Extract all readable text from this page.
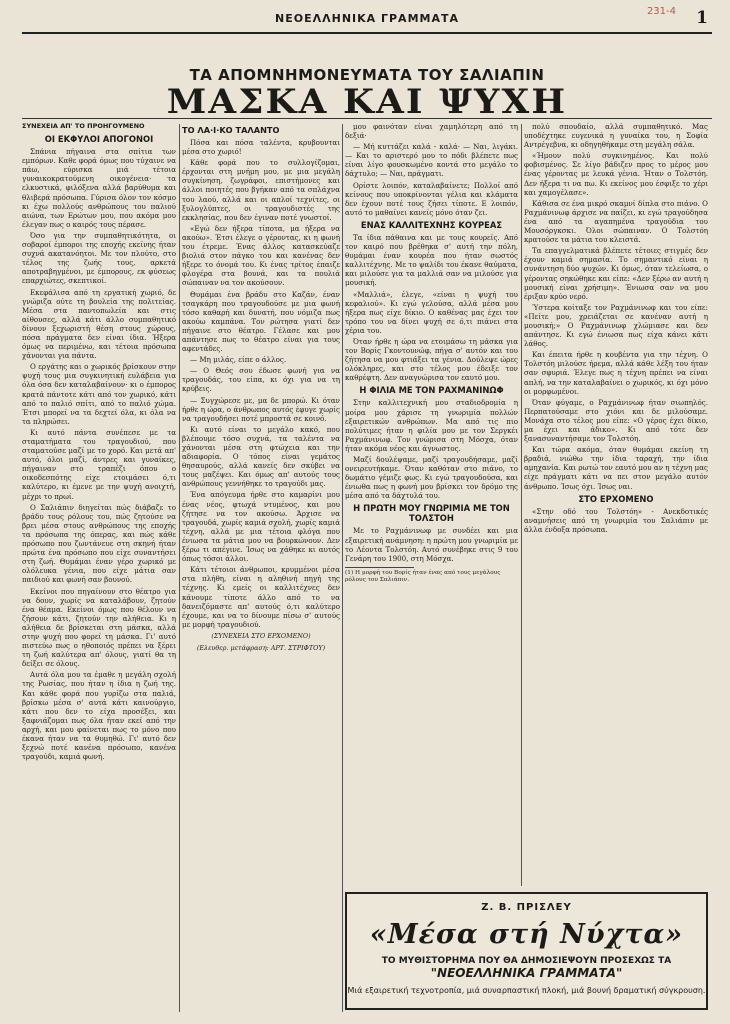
ΝΕΟΕΛΛΗΝΙΚΑ ΓΡΑΜΜΑΤΑ
231-4 1
ΤΑ ΑΠΟΜΝΗΜΟΝΕΥΜΑΤΑ ΤΟΥ ΣΑΛΙΑΠΙΝ
ΜΑΣΚΑ ΚΑΙ ΨΥΧΗ
ΣΥΝΕΧΕΙΑ ΑΠ' ΤΟ ΠΡΟΗΓΟΥΜΕΝΟ
ΟΙ ΕΚΦΥΛΟΙ ΑΠΟΓΟΝΟΙ

Σπάνια πήγαινα στα σπίτια των εμπόρων. Καθε φορά όμως που τύχαινε να πάω, εύρισκα μιά τέτοια γυναικοκρατούμενη οικογένεια· τα ελκυστικά, φιλόξενα αλλά βαρύθυμα και θλιβερά πρόσωπα. Γύρισα όλον τον κόσμο κι έχω πολλούς ανθρώπους του παλιού αιώνα, των Ερώτων μου, που ακόμα μου έλεγαν πως ο καιρός τους πέρασε.

Όσο για την συμπαθητικότητα, οι σοβαροί έμποροι της εποχής εκείνης ήταν συχνά ακατανόητοι. Με τον πλούτο, στο τέλος της ζωής τους, αρκετά αποτραβηγμένοι, με έμπορους, εκ φύσεως επαρχιώτες, σκεπτικοί.

Εκεφάλισα από τη εργατική χωριό, δε γνώριζα ούτε τη βουλεία της πολιτείας. Μέσα στα παντοπωλεία και στις αίθουσες, αλλά κάτι άλλο συμπαθητικό δίνουν ξεχωριστή θέση στους χώρους, πόσα πράγματα δεν είναι ίδια. Ήξερα όμως να περιμένω, και τέτοια πρόσωπα χάνονται για πάντα.

Ο εργάτης και ο χωρικός βρίσκουν στην ψυχή τους μια συγκινητική ευλάβεια για όλα όσα δεν καταλαβαίνουν· κι ο έμπορος κρατά πάντοτε κάτι από τον χωρικό, κάτι από το παλιό σπίτι, από το παλιό χώμα. Έτσι μπορεί να τα δεχτεί όλα, κι όλα να τα πληρώσει.

Κι αυτό πάντα συνέπεσε με τα σταματήματα του τραγουδιού, που σταματούσε μαζί με το χορό. Και μετά απ' αυτό, όλοι μαζί, άντρες και γυναίκες, πήγαιναν στο τραπέζι όπου ο οικοδεσπότης είχε ετοιμάσει ό,τι καλύτερο, κι έμενε με την ψυχή ανοιχτή, μέχρι το πρωί.

Ο Σαλιάπιν διηγείται πώς διάβαζε το βράδυ τους ρόλους του, πώς ζητούσε να βρει μέσα στους ανθρώπους της εποχής τα πρόσωπα της όπερας, και πώς κάθε πρόσωπο που ζωντάνευε στη σκηνή ήταν πρώτα ένα πρόσωπο που είχε συναντήσει στη ζωή. Θυμάμαι έναν γέρο χωρικό με ολόλευκα γένια, που είχε μάτια σαν παιδιού και φωνή σαν βουνού.

Εκείνοι που πηγαίνουν στο θέατρο για να δουν, χωρίς να καταλάβουν, ζητούν ένα θέαμα. Εκείνοι όμως που θέλουν να ζήσουν κάτι, ζητούν την αλήθεια. Κι η αλήθεια δε βρίσκεται στη μάσκα, αλλά στην ψυχή που φορεί τη μάσκα. Γι' αυτό πιστεύω πως ο ηθοποιός πρέπει να ξέρει τη ζωή καλύτερα απ' όλους, γιατί θα τη δείξει σε όλους.

Αυτά όλα μου τα έμαθε η μεγάλη σχολή της Ρωσίας, που ήταν η ίδια η ζωή της. Και κάθε φορά που γυρίζω στα παλιά, βρίσκω μέσα σ' αυτά κάτι καινούργιο, κάτι που δεν το είχα προσέξει, και ξαφνιάζομαι πως όλα ήταν εκεί από την αρχή, και μου φαίνεται πως το μόνο που έκανα ήταν να τα θυμηθώ. Γι' αυτό δεν ξεχνώ ποτέ κανένα πρόσωπο, κανένα τραγούδι, καμιά φωνή.

ΤΟ ΛΑ·Ι·ΚΟ ΤΑΛΑΝΤΟ

Πόσα και πόσα ταλέντα, κρυβουνται μέσα στο χωριό!

Κάθε φορά που το συλλογίζομαι, έρχονται στη μνήμη μου, με μια μεγάλη συγκίνηση, ζωγράφοι, επιστήμονες και άλλοι ποιητές που βγήκαν από τα σπλάχνα του λαού, αλλά και οι απλοί τεχνίτες, οι ξυλογλύπτες, οι τραγουδιστές της εκκλησίας, που δεν έγιναν ποτέ γνωστοί.

«Εγώ δεν ήξερα τίποτα, μα ήξερα να ακούω». Έτσι έλεγε ο γέροντας, κι η φωνή του έτρεμε. Ένας άλλος κατασκεύαζε βιολιά στον πάγκο του και κανένας δεν ήξερε το όνομά του. Κι ένας τρίτος έπαιζε φλογέρα στα βουνά, και τα πουλιά σώπαιναν να τον ακούσουν.

Θυμάμαι ένα βράδυ στο Καζάν, έναν τσαγκάρη που τραγουδούσε με μια φωνή τόσο καθαρή και δυνατή, που νόμιζα πως ακούω καμπάνα. Τον ρώτησα γιατί δεν πήγαινε στο θέατρο. Γέλασε και μου απάντησε πως το θέατρο είναι για τους αφεντάδες.

— Μη μιλάς, είπε ο άλλος.

— Ο Θεός σου έδωσε φωνή για να τραγουδάς, του είπα, κι όχι για να τη κρύβεις.

— Συγχώρεσε με, μα δε μπορώ. Κι όταν ήρθε η ώρα, ο άνθρωπος αυτός έφυγε χωρίς να τραγουδήσει ποτέ μπροστά σε κοινό.

Κι αυτό είναι το μεγάλο κακό, που βλέπουμε τόσο συχνά, τα ταλέντα να χάνονται μέσα στη φτώχεια και την αδιαφορία. Ο τόπος είναι γεμάτος θησαυρούς, αλλά κανείς δεν σκύβει να τους μαζέψει. Και όμως απ' αυτούς τους ανθρώπους γεννήθηκε το τραγούδι μας.

Ένα απόγευμα ήρθε στο καμαρίνι μου ένας νέος, φτωχά ντυμένος, και μου ζήτησε να τον ακούσω. Άρχισε να τραγουδά, χωρίς καμιά σχολή, χωρίς καμιά τέχνη, αλλά με μια τέτοια φλόγα που ένιωσα τα μάτια μου να βουρκώνουν. Δεν ξέρω τι απέγινε. Ίσως να χάθηκε κι αυτός όπως τόσοι άλλοι.

Κάτι τέτοιοι άνθρωποι, κρυμμένοι μέσα στα πλήθη, είναι η αληθινή πηγή της τέχνης. Κι εμείς οι καλλιτέχνες δεν κάνουμε τίποτε άλλο από το να δανειζόμαστε απ' αυτούς ό,τι καλύτερο έχουμε, και να το δίνουμε πίσω σ' αυτούς με μορφή τραγουδιού.

(ΣΥΝΕΧΕΙΑ ΣΤΟ ΕΡΧΟΜΕΝΟ)
(Ελευθερ. μετάφραση: ΑΡΤ. ΣΤΡΙΦΤΟΥ)

μου φαινόταν είναι χαμηλότερη από τη δεξιά·

— Μή κυττάζει καλά - καλά· — Ναι, λιγάκι. — Και το αριστερό μου το πόδι βλέπετε πως είναι λίγο φουσκωμένο κοντά στο μεγάλο το δάχτυλο; — Ναι, πράγματι.

Ορίστε λοιπόν, καταλαβαίνετε; Πολλοί από κείνους που υποκρίνονται γέλια και κλάματα δεν έχουν ποτέ τους ζήσει τίποτε. Ε λοιπόν, αυτό το μαθαίνει κανείς μόνο όταν ζει.

ΕΝΑΣ ΚΑΛΛΙΤΕΧΝΗΣ ΚΟΥΡΕΑΣ

Τα ίδια πάθαινα και με τους κουρείς. Από τον καιρό που βρέθηκα σ' αυτή την πόλη, θυμάμαι έναν κουρέα που ήταν σωστός καλλιτέχνης. Με το ψαλίδι του έκανε θαύματα, και μιλούσε για τα μαλλιά σαν να μιλούσε για μουσική.

«Μαλλιά», έλεγε, «είναι η ψυχή του κεφαλιού». Κι εγώ γελούσα, αλλά μέσα μου ήξερα πως είχε δίκιο. Ο καθένας μας έχει τον τρόπο του να δίνει ψυχή σε ό,τι πιάνει στα χέρια του.

Όταν ήρθε η ώρα να ετοιμάσω τη μάσκα για τον Βορίς Γκοντουνώφ, πήγα σ' αυτόν και του ζήτησα να μου φτιάξει τα γένια. Δούλεψε ώρες ολόκληρες, και στο τέλος μου έδειξε τον καθρέφτη. Δεν αναγνώρισα τον εαυτό μου.

Η ΦΙΛΙΑ ΜΕ ΤΟΝ ΡΑΧΜΑΝΙΝΩΦ

Στην καλλιτεχνική μου σταδιοδρομία η μοίρα μου χάρισε τη γνωριμία πολλών εξαιρετικών ανθρώπων. Μα από τις πιο πολύτιμες ήταν η φιλία μου με τον Σεργκέι Ραχμάνινωφ. Τον γνώρισα στη Μόσχα, όταν ήταν ακόμα νέος και άγνωστος.

Μαζί δουλέψαμε, μαζί τραγουδήσαμε, μαζί ονειρευτήκαμε. Όταν καθόταν στο πιάνο, το δωμάτιο γέμιζε φως. Κι εγώ τραγουδούσα, και ένιωθα πως η φωνή μου βρίσκει τον δρόμο της μέσα από τα δάχτυλά του.

Η ΠΡΩΤΗ ΜΟΥ ΓΝΩΡΙΜΙΑ ΜΕ ΤΟΝ ΤΟΛΣΤΟΗ

Με το Ραχμάνινωφ με συνδέει και μια εξαιρετική ανάμνηση: η πρώτη μου γνωριμία με το Λέοντα Τολστόη. Αυτό συνέβηκε στις 9 του Γενάρη του 1900, στη Μόσχα.

(1) Η μορφή του Βορίς ήταν ένας από τους μεγάλους ρόλους του Σαλιάπιν.

πολύ σπουδαίο, αλλά συμπαθητικό. Μας υποδέχτηκε ευγενικά η γυναίκα του, η Σοφία Αντρέγεβνα, κι οδηγηθήκαμε στη μεγάλη σάλα.

«Ήμουν πολύ συγκινημένος. Και πολύ φοβισμένος. Σε λίγο βάδιζεν προς το μέρος μου ένας γέροντας με λευκά γένια. Ήταν ο Τολστόη. Δεν ήξερα τι να πω. Κι εκείνος μου έσφιξε το χέρι και χαμογέλασε».

Κάθισα σε ένα μικρό σκαμνί δίπλα στο πιάνο. Ο Ραχμάνινωφ άρχισε να παίζει, κι εγώ τραγούδησα ένα από τα αγαπημένα τραγούδια του Μουσόργκσκι. Όλοι σώπαιναν. Ο Τολστόη κρατούσε τα μάτια του κλειστά.

Τα επαγγελματικά βλέπετε τέτοιες στιγμές δεν έχουν καμιά σημασία. Το σημαντικό είναι η συνάντηση δύο ψυχών. Κι όμως, όταν τελείωσα, ο γέροντας σηκώθηκε και είπε: «Δεν ξέρω αν αυτή η μουσική είναι χρήσιμη». Ένιωσα σαν να μου έριξαν κρύο νερό.

Ύστερα κοίταξε τον Ραχμάνινωφ και του είπε: «Πείτε μου, χρειάζεται σε κανέναν αυτή η μουσική;» Ο Ραχμάνινωφ χλώμιασε και δεν απάντησε. Κι εγώ ένιωσα πως είχα κάνει κάτι λάθος.

Και έπειτα ήρθε η κουβέντα για την τέχνη. Ο Τολστόη μιλούσε ήρεμα, αλλά κάθε λέξη του ήταν σαν σφυριά. Έλεγε πως η τέχνη πρέπει να είναι απλή, να την καταλαβαίνει ο χωρικός, κι όχι μόνο οι μορφωμένοι.

Όταν φύγαμε, ο Ραχμάνινωφ ήταν σιωπηλός. Περπατούσαμε στο χιόνι και δε μιλούσαμε. Μονάχα στο τέλος μου είπε: «Ο γέρος έχει δίκιο, μα έχει και άδικο». Κι από τότε δεν ξανασυναντήσαμε τον Τολστόη.

Και τώρα ακόμα, όταν θυμάμαι εκείνη τη βραδιά, νιώθω την ίδια ταραχή, την ίδια αμηχανία. Και ρωτώ τον εαυτό μου αν η τέχνη μας είχε πράγματι κάτι να πει στον μεγάλο αυτόν άνθρωπο. Ίσως όχι. Ίσως ναι.

ΣΤΟ ΕΡΧΟΜΕΝΟ

«Στην οδό του Τολστόη» - Ανεκδοτικές αναμνήσεις από τη γνωριμία του Σαλιάπιν με άλλα ένδοξα πρόσωπα.

Ζ. Β. ΠΡΙΣΛΕΥ
«Μέσα στή Νύχτα»
ΤΟ ΜΥΘΙΣΤΟΡΗΜΑ ΠΟΥ ΘΑ ΔΗΜΟΣΙΕΨΟΥΝ ΠΡΟΣΕΧΩΣ ΤΑ "ΝΕΟΕΛΛΗΝΙΚΑ ΓΡΑΜΜΑΤΑ"
Μιά εξαιρετική τεχνοτροπία, μιά συναρπαστική πλοκή, μιά βουνή δραματική σύγκρουση.
